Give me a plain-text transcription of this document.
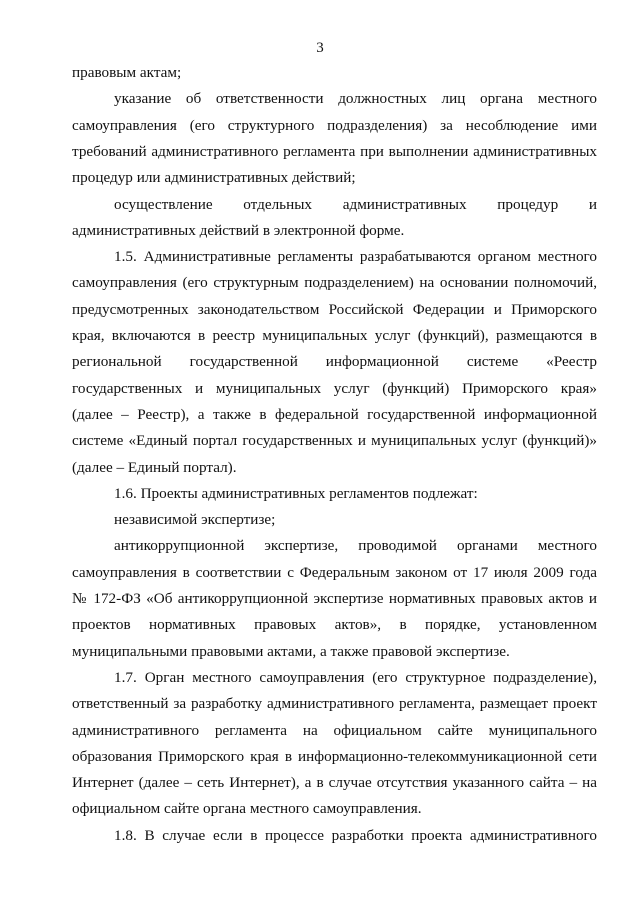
3
правовым актам;
указание об ответственности должностных лиц органа местного
самоуправления (его структурного подразделения) за несоблюдение ими
требований административного регламента при выполнении административных
процедур или административных действий;
осуществление отдельных административных процедур и
административных действий в электронной форме.
1.5. Административные регламенты разрабатываются органом местного
самоуправления (его структурным подразделением) на основании полномочий,
предусмотренных законодательством Российской Федерации и Приморского
края, включаются в реестр муниципальных услуг (функций), размещаются в
региональной государственной информационной системе «Реестр
государственных и муниципальных услуг (функций) Приморского края»
(далее – Реестр), а также в федеральной государственной информационной
системе «Единый портал государственных и муниципальных услуг (функций)»
(далее – Единый портал).
1.6. Проекты административных регламентов подлежат:
независимой экспертизе;
антикоррупционной экспертизе, проводимой органами местного
самоуправления в соответствии с Федеральным законом от 17 июля 2009 года
№ 172-ФЗ «Об антикоррупционной экспертизе нормативных правовых актов и
проектов нормативных правовых актов», в порядке, установленном
муниципальными правовыми актами, а также правовой экспертизе.
1.7. Орган местного самоуправления (его структурное подразделение),
ответственный за разработку административного регламента, размещает проект
административного регламента на официальном сайте муниципального
образования Приморского края в информационно-телекоммуникационной сети
Интернет (далее – сеть Интернет), а в случае отсутствия указанного сайта – на
официальном сайте органа местного самоуправления.
1.8. В случае если в процессе разработки проекта административного
